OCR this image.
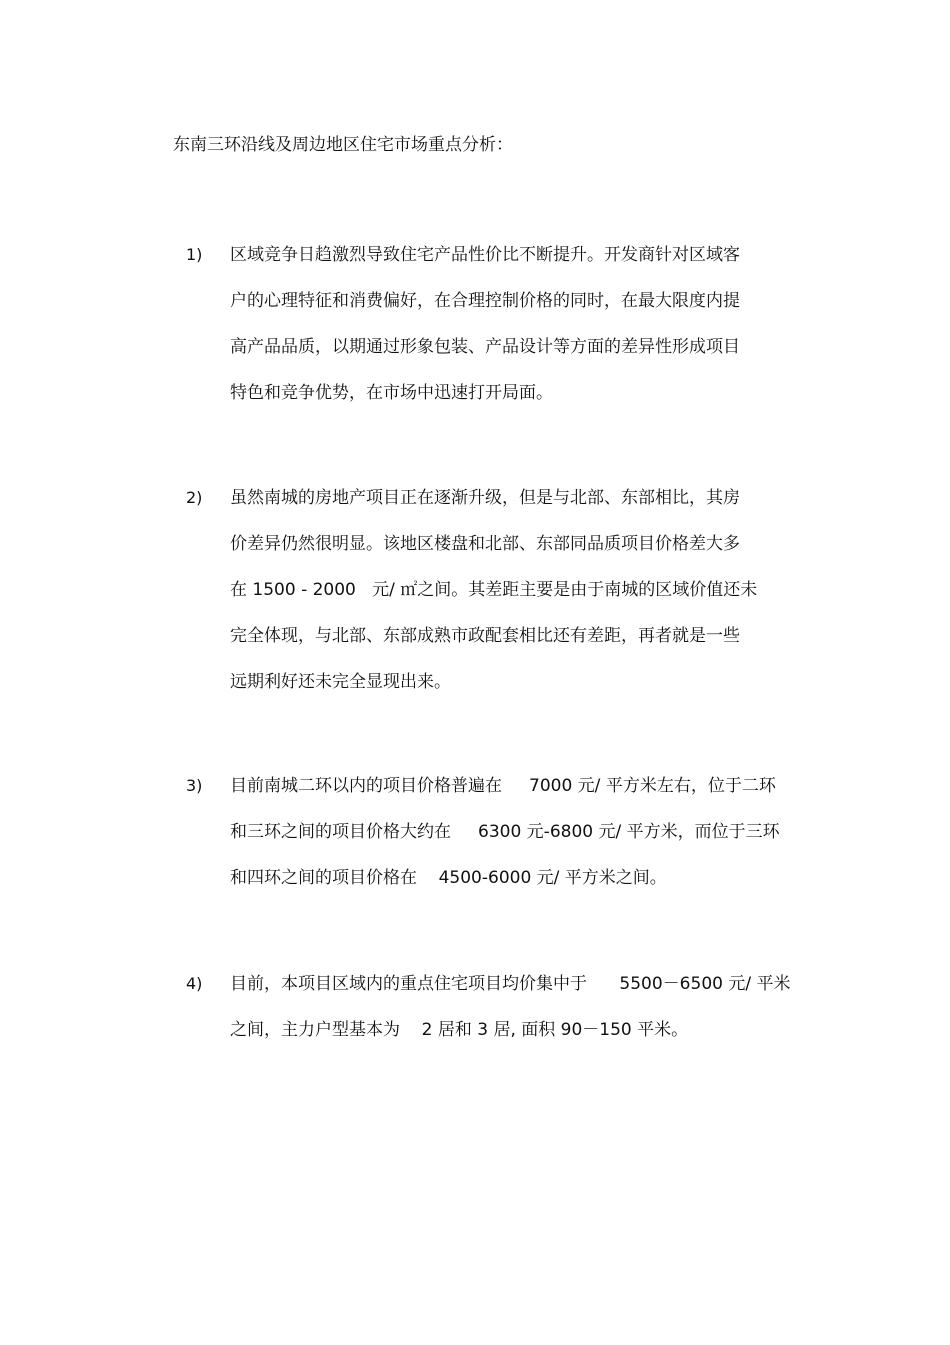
东南三环沿线及周边地区住宅市场重点分析：
1) 区域竞争日趋激烈导致住宅产品性价比不断提升。开发商针对区域客
户的心理特征和消费偏好，在合理控制价格的同时，在最大限度内提
高产品品质，以期通过形象包装、产品设计等方面的差异性形成项目
特色和竞争优势，在市场中迅速打开局面。
2) 虽然南城的房地产项目正在逐渐升级，但是与北部、东部相比，其房
价差异仍然很明显。该地区楼盘和北部、东部同品质项目价格差大多
在 1500 - 2000   元/ ㎡之间。其差距主要是由于南城的区域价值还未
完全体现，与北部、东部成熟市政配套相比还有差距，再者就是一些
远期利好还未完全显现出来。
3) 目前南城二环以内的项目价格普遍在     7000 元/ 平方米左右，位于二环
和三环之间的项目价格大约在     6300 元-6800 元/ 平方米，而位于三环
和四环之间的项目价格在    4500-6000 元/ 平方米之间。
4) 目前，本项目区域内的重点住宅项目均价集中于      5500－6500 元/ 平米
之间，主力户型基本为    2 居和 3 居, 面积 90－150 平米。
